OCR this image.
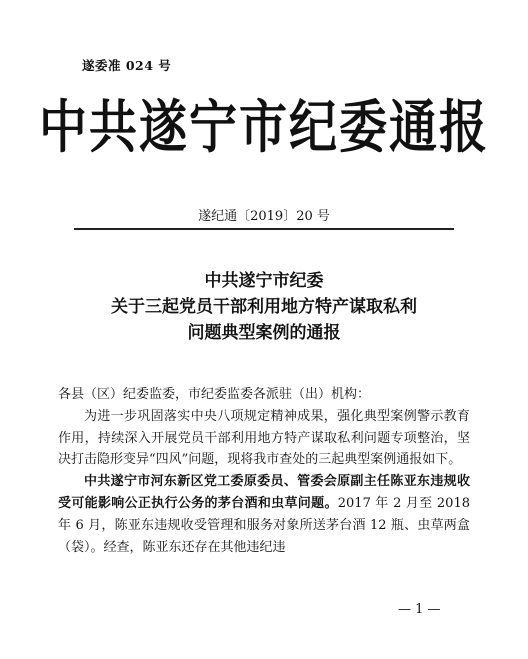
遂委准 024 号
中共遂宁市纪委通报
遂纪通〔2019〕20 号
中共遂宁市纪委
关于三起党员干部利用地方特产谋取私利
问题典型案例的通报

各县（区）纪委监委，市纪委监委各派驻（出）机构：

为进一步巩固落实中央八项规定精神成果，强化典型案例警示教育作用，持续深入开展党员干部利用地方特产谋取私利问题专项整治，坚决打击隐形变异“四风”问题，现将我市查处的三起典型案例通报如下。

中共遂宁市河东新区党工委原委员、管委会原副主任陈亚东违规收受可能影响公正执行公务的茅台酒和虫草问题。2017 年 2 月至 2018 年 6 月，陈亚东违规收受管理和服务对象所送茅台酒 12 瓶、虫草两盒（袋）。经查，陈亚东还存在其他违纪违

— 1 —
